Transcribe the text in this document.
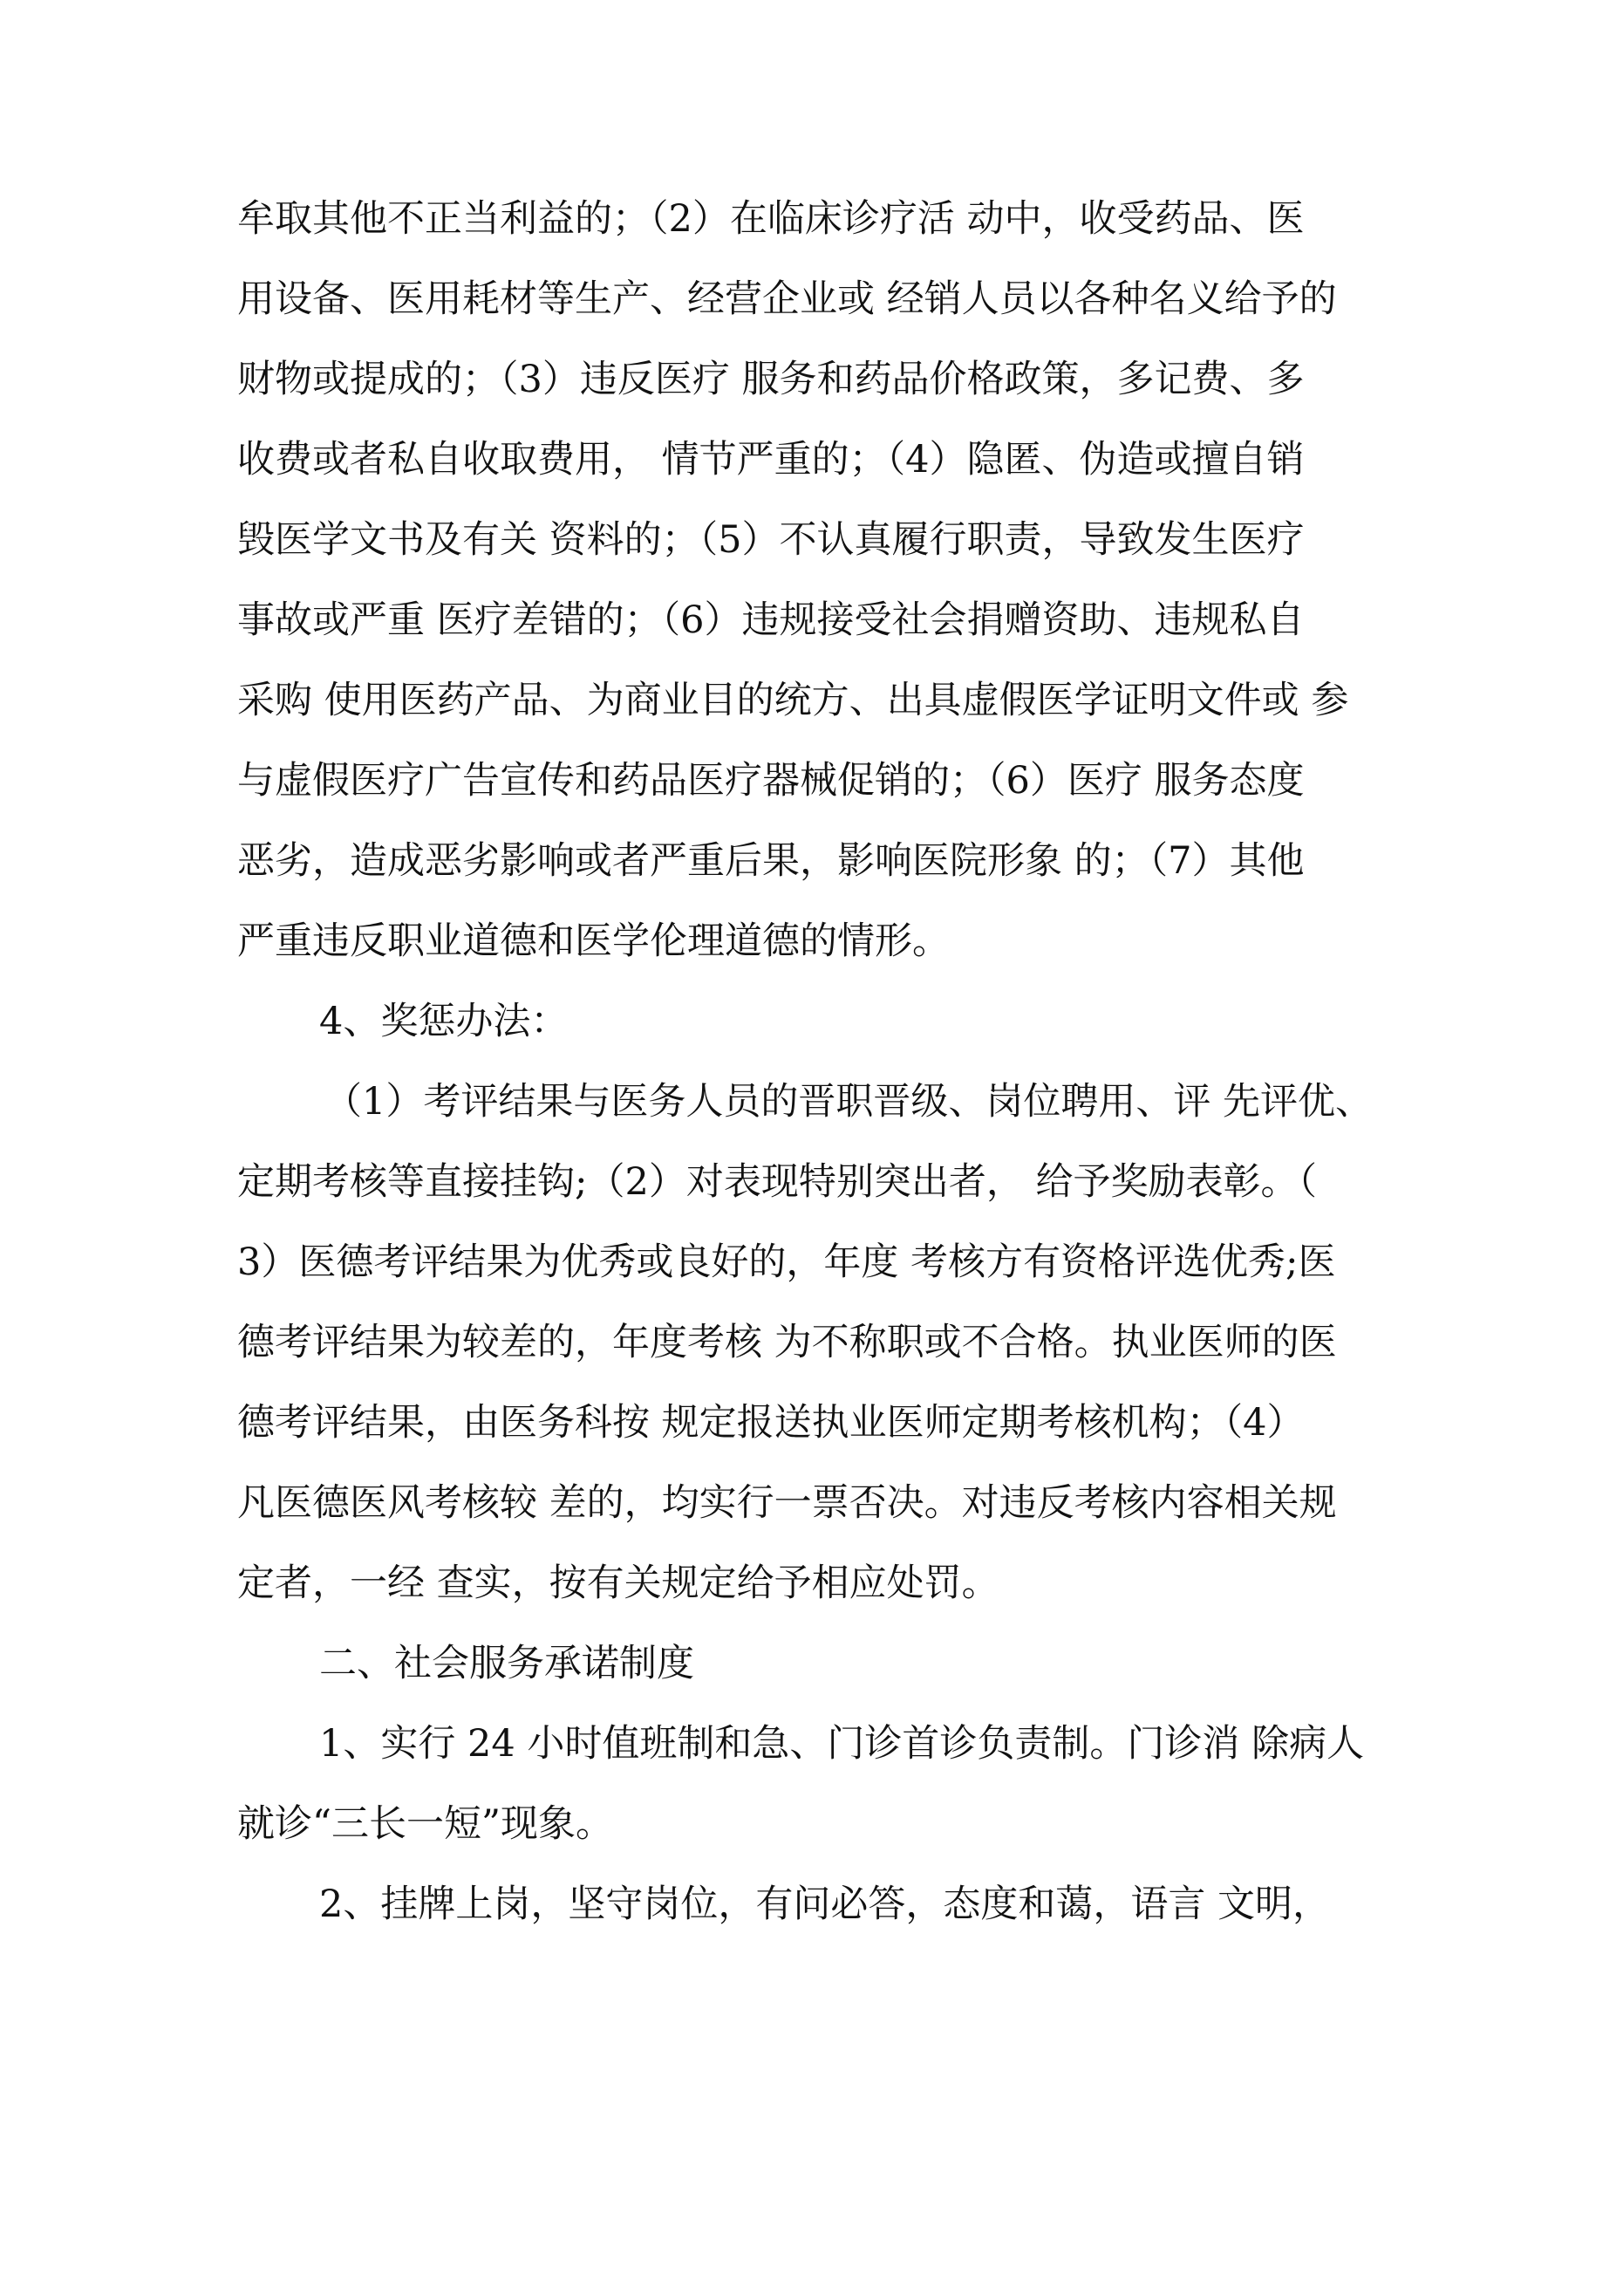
牟取其他不正当利益的；（2）在临床诊疗活 动中，收受药品、医
用设备、医用耗材等生产、经营企业或 经销人员以各种名义给予的
财物或提成的；（3）违反医疗 服务和药品价格政策，多记费、多
收费或者私自收取费用， 情节严重的；（4）隐匿、伪造或擅自销
毁医学文书及有关 资料的；（5）不认真履行职责，导致发生医疗
事故或严重 医疗差错的；（6）违规接受社会捐赠资助、违规私自
采购 使用医药产品、为商业目的统方、出具虚假医学证明文件或 参
与虚假医疗广告宣传和药品医疗器械促销的；（6）医疗 服务态度
恶劣，造成恶劣影响或者严重后果，影响医院形象 的；（7）其他
严重违反职业道德和医学伦理道德的情形。
4、奖惩办法：
（1）考评结果与医务人员的晋职晋级、岗位聘用、评 先评优、
定期考核等直接挂钩;（2）对表现特别突出者， 给予奖励表彰。（
3）医德考评结果为优秀或良好的，年度 考核方有资格评选优秀;医
德考评结果为较差的，年度考核 为不称职或不合格。执业医师的医
德考评结果，由医务科按 规定报送执业医师定期考核机构；（4）
凡医德医风考核较 差的，均实行一票否决。对违反考核内容相关规
定者，一经 查实，按有关规定给予相应处罚。
二、社会服务承诺制度
1、实行 24 小时值班制和急、门诊首诊负责制。门诊消 除病人
就诊“三长一短”现象。
2、挂牌上岗，坚守岗位，有问必答，态度和蔼，语言 文明，
